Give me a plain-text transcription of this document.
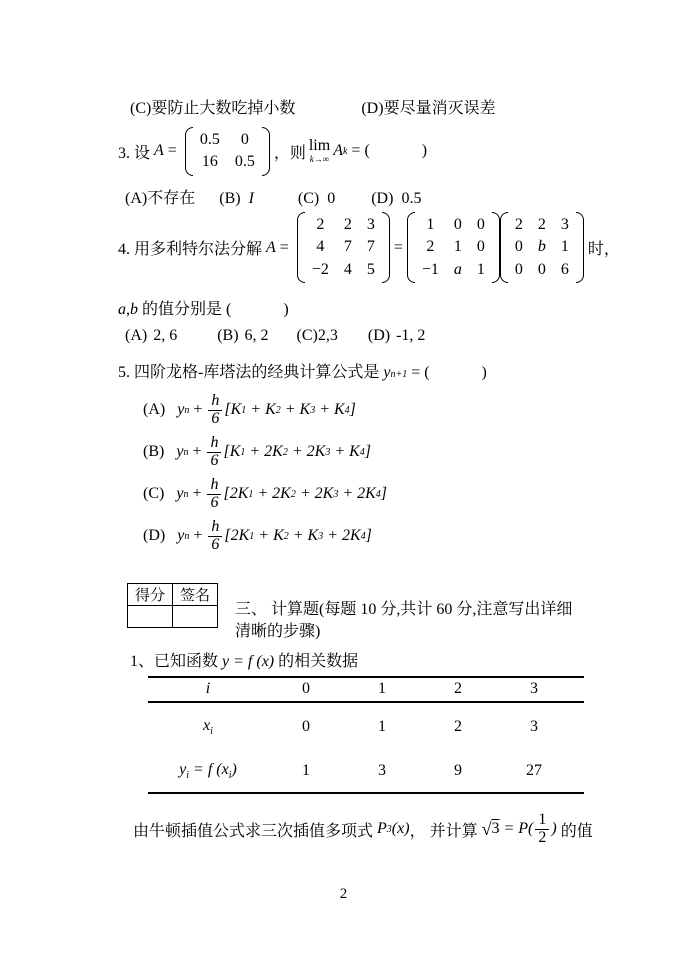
(C) 要防止大数吃掉小数	(D) 要尽量消灭误差
3. 设 A =
0.5 0
16 0.5 ，则 lim
k→∞ A k = (             )
(A) 不存在 (B) I	(C) 0 (D) 0.5
4. 用多利特尔法分解 A =
2 2 3
4 7 7
−2 4 5
=
1 0 0
2 1 0
−1 a 1
2 2 3
0 b 1
0 0 6
时，
a,b 的值分别是 (             )
(A) 2, 6	(B) 6, 2 (C) 2,3 (D) -1, 2
5. 四阶龙格-库塔法的经典计算公式是 y n+1 = (             )
(A) y $n + \frac{h}{6} [K$ 1 + K 2 + K 3 + K 4 ]
(B) y $n + \frac{h}{6} [K$ 1 + 2K 2 + 2K 3 + K 4 ]
(C) y $n + \frac{h}{6} [2K$ 1 + 2K 2 + 2K 3 + 2K 4 ]
(D) y $n + \frac{h}{6} [2K$ 1 + K 2 + K 3 + 2K 4 ]
得分	签名

三、 计算题(每题 10 分,共计 60 分,注意写出详细清晰的步骤)
1、已知函数 y = f (x) 的相关数据
i	0	1	2	3
$x_i$	0	1	2	3
$y_i = f$ $(x_i)$	1	3	9	27
由牛顿插值公式求三次插值多项式 P 3 (x) ， 并计算 √ $3 = P( \frac{1}{2}$ ) 的值
2
